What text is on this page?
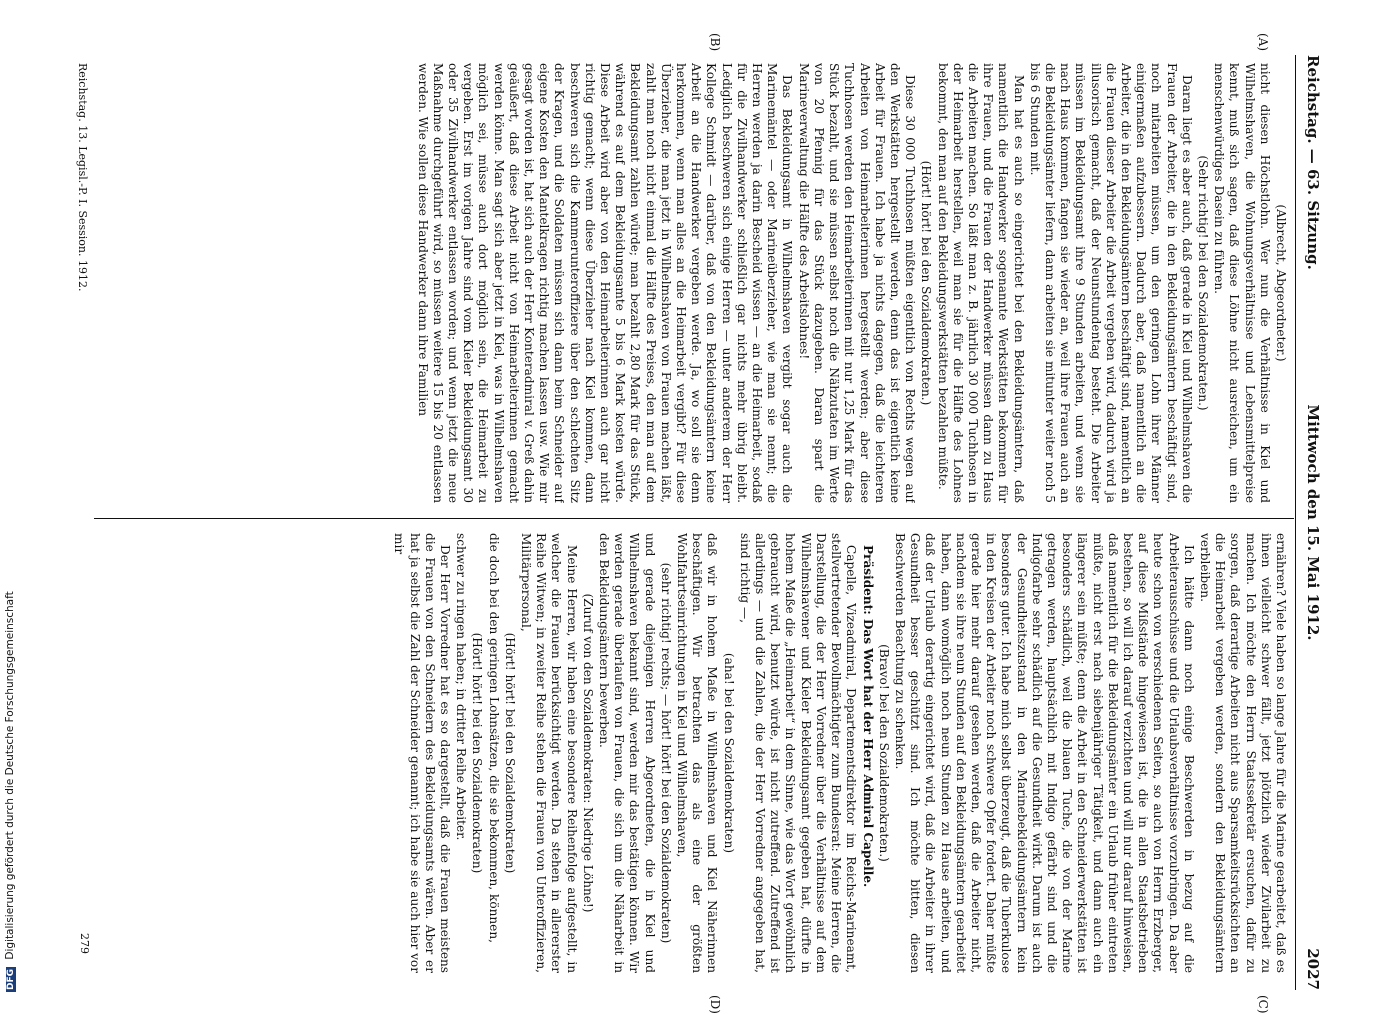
Reichstag. — 63. Sitzung.
Mittwoch den 15. Mai 1912.
2027
(A)
(B)
(C)
(D)

(Albrecht, Abgeordneter.)

nicht diesen Höchstlohn. Wer nun die Verhältnisse in Kiel und Wilhelmshaven, die Wohnungsverhältnisse und Lebensmittelpreise kennt, muß sich sagen, daß diese Löhne nicht ausreichen, um ein menschenwürdiges Dasein zu führen.

(Sehr richtig! bei den Sozialdemokraten.)

Daran liegt es aber auch, daß gerade in Kiel und Wilhelmshaven die Frauen der Arbeiter, die in den Bekleidungsämtern beschäftigt sind, noch mitarbeiten müssen, um den geringen Lohn ihrer Männer einigermaßen aufzubessern. Dadurch aber, daß namentlich an die Arbeiter, die in den Bekleidungsämtern beschäftigt sind, namentlich an die Frauen dieser Arbeiter die Arbeit vergeben wird, dadurch wird ja illusorisch gemacht, daß der Neunstundentag besteht. Die Arbeiter müssen im Bekleidungsamt ihre 9 Stunden arbeiten, und wenn sie nach Haus kommen, fangen sie wieder an, weil ihre Frauen auch an die Bekleidungsämter liefern, dann arbeiten sie mitunter weiter noch 5 bis 6 Stunden mit.

Man hat es auch so eingerichtet bei den Bekleidungsämtern, daß namentlich die Handwerker sogenannte Werkstätten bekommen für ihre Frauen, und die Frauen der Handwerker müssen dann zu Haus die Arbeiten machen. So läßt man z. B. jährlich 30 000 Tuchhosen in der Heimarbeit herstellen, weil man sie für die Hälfte des Lohnes bekommt, den man auf den Bekleidungswerkstätten bezahlen müßte.

(Hört! hört! bei den Sozialdemokraten.)

Diese 30 000 Tuchhosen müßten eigentlich von Rechts wegen auf den Werkstätten hergestellt werden, denn das ist eigentlich keine Arbeit für Frauen. Ich habe ja nichts dagegen, daß die leichteren Arbeiten von Heimarbeiterinnen hergestellt werden; aber diese Tuchhosen werden den Heimarbeiterinnen mit nur 1,25 Mark für das Stück bezahlt, und sie müssen selbst noch die Nähzutaten im Werte von 20 Pfennig für das Stück dazugeben. Daran spart die Marineverwaltung die Hälfte des Arbeitslohnes!

Das Bekleidungsamt in Wilhelmshaven vergibt sogar auch die Marinemäntel — oder Marineüberzieher, wie man sie nennt; die Herren werden ja darin Bescheid wissen — an die Heimarbeit, sodaß für die Zivilhandwerker schließlich gar nichts mehr übrig bleibt. Lediglich beschweren sich einige Herren — unter anderem der Herr Kollege Schmidt — darüber, daß von den Bekleidungsämtern keine Arbeit an die Handwerker vergeben werde. Ja, wo soll sie denn herkommen, wenn man alles an die Heimarbeit vergibt? Für diese Überzieher, die man jetzt in Wilhelmshaven von Frauen machen läßt, zahlt man noch nicht einmal die Hälfte des Preises, den man auf dem Bekleidungsamt zahlen würde; man bezahlt 2,80 Mark für das Stück, während es auf dem Bekleidungsamte 5 bis 6 Mark kosten würde. Diese Arbeit wird aber von den Heimarbeiterinnen auch gar nicht richtig gemacht; wenn diese Überzieher nach Kiel kommen, dann beschweren sich die Kammerunteroffiziere über den schlechten Sitz der Kragen, und die Soldaten müssen sich dann beim Schneider auf eigene Kosten den Mantelkragen richtig machen lassen usw. Wie mir gesagt worden ist, hat sich auch der Herr Konteradmiral v. Greß dahin geäußert, daß diese Arbeit nicht von Heimarbeiterinnen gemacht werden könne. Man sagt sich aber jetzt in Kiel, was in Wilhelmshaven möglich sei, müsse auch dort möglich sein, die Heimarbeit zu vergeben. Erst im vorigen Jahre sind vom Kieler Bekleidungsamt 30 oder 35 Zivilhandwerker entlassen worden; und wenn jetzt die neue Maßnahme durchgeführt wird, so müssen weitere 15 bis 20 entlassen werden. Wie sollen diese Handwerker dann ihre Familien

ernähren? Viele haben so lange Jahre für die Marine gearbeitet, daß es ihnen vielleicht schwer fällt, jetzt plötzlich wieder Zivilarbeit zu machen. Ich möchte den Herrn Staatssekretär ersuchen, dafür zu sorgen, daß derartige Arbeiten nicht aus Sparsamkeitsrücksichten an die Heimarbeit vergeben werden, sondern den Bekleidungsämtern verbleiben.

Ich hätte dann noch einige Beschwerden in bezug auf die Arbeiterausschüsse und die Urlaubsverhältnisse vorzubringen. Da aber heute schon von verschiedenen Seiten, so auch von Herrn Erzberger, auf diese Mißstände hingewiesen ist, die in allen Staatsbetrieben bestehen, so will ich darauf verzichten und will nur darauf hinweisen, daß namentlich für die Bekleidungsämter ein Urlaub früher eintreten müßte, nicht erst nach siebenjähriger Tätigkeit, und dann auch ein längerer sein müßte; denn die Arbeit in den Schneiderwerkstätten ist besonders schädlich, weil die blauen Tuche, die von der Marine getragen werden, hauptsächlich mit Indigo gefärbt sind und die Indigofarbe sehr schädlich auf die Gesundheit wirkt. Darum ist auch der Gesundheitszustand in den Marinebekleidungsämtern kein besonders guter. Ich habe mich selbst überzeugt, daß die Tuberkulose in den Kreisen der Arbeiter noch schwere Opfer fordert. Daher müßte gerade hier mehr darauf gesehen werden, daß die Arbeiter nicht, nachdem sie ihre neun Stunden auf den Bekleidungsämtern gearbeitet haben, dann womöglich noch neun Stunden zu Hause arbeiten, und daß der Urlaub derartig eingerichtet wird, daß die Arbeiter in ihrer Gesundheit besser geschützt sind. Ich möchte bitten, diesen Beschwerden Beachtung zu schenken.

(Bravo! bei den Sozialdemokraten.)

Präsident: Das Wort hat der Herr Admiral Capelle.

Capelle, Vizeadmiral, Departementsdirektor im Reichs-Marineamt, stellvertretender Bevollmächtigter zum Bundesrat: Meine Herren, die Darstellung, die der Herr Vorredner über die Verhältnisse auf dem Wilhelmshavener und Kieler Bekleidungsamt gegeben hat, dürfte in hohem Maße die „Heimarbeit“ in dem Sinne, wie das Wort gewöhnlich gebraucht wird, benutzt würde, ist nicht zutreffend. Zutreffend ist allerdings — und die Zahlen, die der Herr Vorredner angegeben hat, sind richtig —,

(aha! bei den Sozialdemokraten)

daß wir in hohem Maße in Wilhelmshaven und Kiel Näherinnen beschäftigen. Wir betrachten das als eine der größten Wohlfahrtseinrichtungen in Kiel und Wilhelmshaven,

(sehr richtig! rechts; — hört! hört! bei den Sozialdemokraten)

und gerade diejenigen Herren Abgeordneten, die in Kiel und Wilhelmshaven bekannt sind, werden mir das bestätigen können. Wir werden gerade überlaufen von Frauen, die sich um die Näharbeit in den Bekleidungsämtern bewerben.

(Zuruf von den Sozialdemokraten: Niedrige Löhne!)

Meine Herren, wir haben eine besondere Reihenfolge aufgestellt, in welcher die Frauen berücksichtigt werden. Da stehen in allererster Reihe Witwen; in zweiter Reihe stehen die Frauen von Unteroffizieren, Militärpersonal,

(Hört! hört! bei den Sozialdemokraten)

die doch bei den geringen Lohnsätzen, die sie bekommen, können,

(Hört! hört! bei den Sozialdemokraten)

schwer zu ringen haben; in dritter Reihe Arbeiter.

Der Herr Vorredner hat es so dargestellt, daß die Frauen meistens die Frauen von den Schneidern des Bekleidungsamts wären. Aber er hat ja selbst die Zahl der Schneider genannt; ich habe sie auch hier vor mir

Reichstag. 13. Legisl.-P. I. Session. 1912.
279
DFG Digitalisierung gefördert durch die Deutsche Forschungsgemeinschaft
